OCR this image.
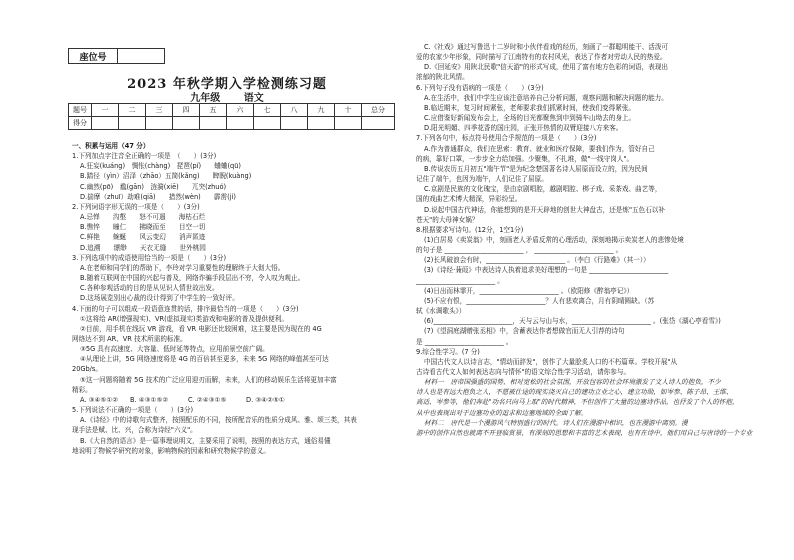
座位号	
2023 年秋学期入学检测练习题
九年级 语文
题号	一	二	三	四	五	六	七	八	九	十	总分
得分											
一、积累与运用（47 分）
1.下列加点字注音全正确的一项是　（　　）(3分)
A.狂妄(kuáng)　惆怅(chàng)　琵琶(pí)　　蛐蛐(qū)
B.踏径（yìn）沼泽（zhāo）五简(kǎng)　　睥睨(kuàng)
C.幽然(pō)　尴(gān)　涟漪(xiē)　　兀突(zhuó)
D.揣摩（zhuī）劫难(qiā)　　措然(wèn)　　霹雳(jí)
2.下列词语字形无误的一项是（　　）(3分)
A.忌惮　　沟壑　　怒不可遏　　海枯石烂
B.憔悴　　瞳仁　　拂晓而至　　目空一切
C.鲜艳　　蜿蜒　　风云变幻　　消声匿迹
D.追溯　　缥缈　　天衣无缝　　世外桃园
3.下列选项中的成语使用恰当的一项是（　　）(3分)
A.在老师和同学们的帮助下，李玲对学习重要性的理解终于大彻大悟。
B.随着互联网在中国的兴起与普及，网络诈骗手段层出不穷，令人叹为观止。
C.各种参观活动的目的是从见识人情世故出发。
D.这场展览别出心裁的设计得到了中学生的一致好评。
4.下面的句子可以组成一段语意连贯的话，排序最恰当的一项是（　　）(3分)
①这将给 AR(增强现实)、VR(虚拟现实)类游戏和电影的普及提供便利。
②目前，用手机在线玩 VR 游戏，看 VR 电影还比较困难，这主要是因为现在的 4G
网络达不到 AR、VR 技术所需的标准。
③5G 具有高速度、大容量、低时延等特点，应用前景空前广阔。
④从理论上讲，5G 网络速度将是 4G 的百倍甚至更多，未来 5G 网络的峰值甚至可达
20Gb/s。
⑤这一问题将随着 5G 技术的广泛应用迎刃而解，未来，人们的移动娱乐生活将更加丰富
精彩。
A. ③④⑤①②	B. ④③①⑤②	C. ②④③①⑤	D. ③④②⑤①
5.下列说法不正确的一项是（　　）(3分)
A.《诗经》中的诗歌句式整齐，按照配乐的不同，按所配音乐的性质分成风、雅、颂三类，其表
现手法是赋、比、兴，合称为诗经"六义"。
B.《大自然的语言》是一篇事理说明文，主要采用了说明，按照的表达方式，通俗易懂
地说明了物候学研究的对象，影响物候的因素和研究物候学的意义。
C.《社戏》通过写鲁迅十二岁时和小伙伴看戏的经历，刻画了一群聪明能干、活泼可
爱的农家少年形象，同时描写了江南特有的农村风光，表达了作者对劳动人民的热爱。
D.《回延安》用陕北民歌"信天游"的形式写成，使用了富有地方色彩的词语，表现出
浓郁的陕北风情。
6.下列句子没有语病的一项是（　　）(3分)
A.在生活中，我们中学生应该注意培养自己分析问题，观察问题和解决问题的能力。
B.临近期末，复习时间紧张，老师要求我们抓紧时间，使我们变得紧张。
C.应借鉴好新闻发布会上，全场的目光都聚焦到申到骑车山坳去的身上。
D.阳光明媚、四季花香的国庄园，正张开热情的双臂迎接八方来客。
7.下列各句中，标点符号使用合乎规范的一项是（　　）(3分)
A.作为普通群众，我们在思索：教育、就业和医疗保障，要我们作为，管好自己
的病，靠好口罩，一步步全力给加强。少聚集，不扎堆，做"一线守岗人"。
B.传说农历五月初五"端午节"是为纪念楚国著名诗人屈原而设立的，因为民间
记住了端午，也因为端午，人们记住了屈原。
C.京剧是民族的文化瑰宝，是由京剧唱腔，越剧唱腔、梆子戏、采茶戏、曲艺等，
国的戏曲艺术博大精深，异彩纷呈。
D.说起中国古代神话，你能想到的是开天辟地的创世大神盘古，还是炼"五色石以补
苍天"的大母神女娲？
8.根据要求写诗句。(12分，1空1分)
(1)白居易《卖炭翁》中，刻画老人矛盾反常的心理活动，深刻地揭示卖炭老人的悲惨处境
的句子是 ________________________ ， ________________________ 。
(2)长风破浪会有时，________________________ 。（李白《行路难》（其一））
(3)《诗经·蒹葭》中表达诗人执着追求美好理想的一句是 ________________________
________________________ 。
(4)日出而林霏开，________________________ 。（欧阳修《醉翁亭记》）
(5)不应有恨，________________________？人有悲欢离合，月有阴晴圆缺。（苏
轼《水调歌头》）
(6)________________________，天与云与山与水，________________________ 。(张岱《湖心亭看雪》)
(7)《望洞庭湖赠张丞相》中，含蓄表达作者想做官而无人引荐的诗句
是 ________________________ 。
9.综合性学习。(7 分)
中国古代文人以诗言志，"情动而辞发"，创作了大量脍炙人口的不朽篇章。学校开展"从
古诗看古代文人如何表达志向与情怀"的语文综合性学习活动，请你参与。
材料一　唐帝国强盛的国势，相对宽松的社会氛围，开放包容的社会环境激发了文人诗人的抱负，不少
诗人也是有远大抱负之人，不愿被仕途的现实浇灭自己的建功立业之心，建立功勋，如岑参、陈子昂、王维、
高适、岑参等，他们奔赴"功名只向马上取"的时代精神，不但创作了大量的边塞诗作品，也抒发了个人的怀抱，
从中也表现出对于边塞功业的追求和边塞地域的全面了解。
材料二　唐代是一个漫游风气特别盛行的时代。诗人们在漫游中相识，也在漫游中离别。漫
游中的创作自然也就离不开登临赏景，有深刻的思想和丰富的艺术表现，也有在诗中，他们用自己与唐诗的一个专业
